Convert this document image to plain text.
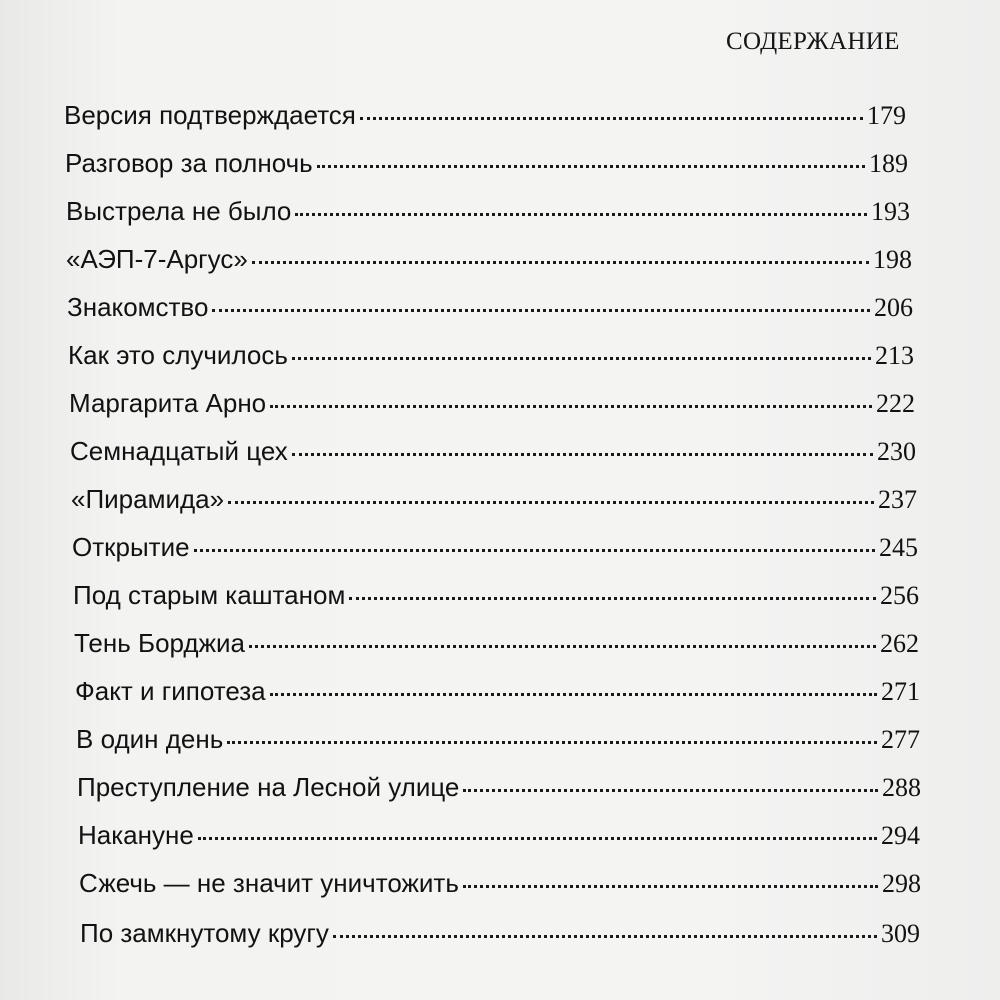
СОДЕРЖАНИЕ
Версия подтверждается	179
Разговор за полночь	189
Выстрела не было	193
«АЭП-7-Аргус»	198
Знакомство	206
Как это случилось	213
Маргарита Арно	222
Семнадцатый цех	230
«Пирамида»	237
Открытие	245
Под старым каштаном	256
Тень Борджиа	262
Факт и гипотеза	271
В один день	277
Преступление на Лесной улице	288
Накануне	294
Сжечь — не значит уничтожить	298
По замкнутому кругу	309
